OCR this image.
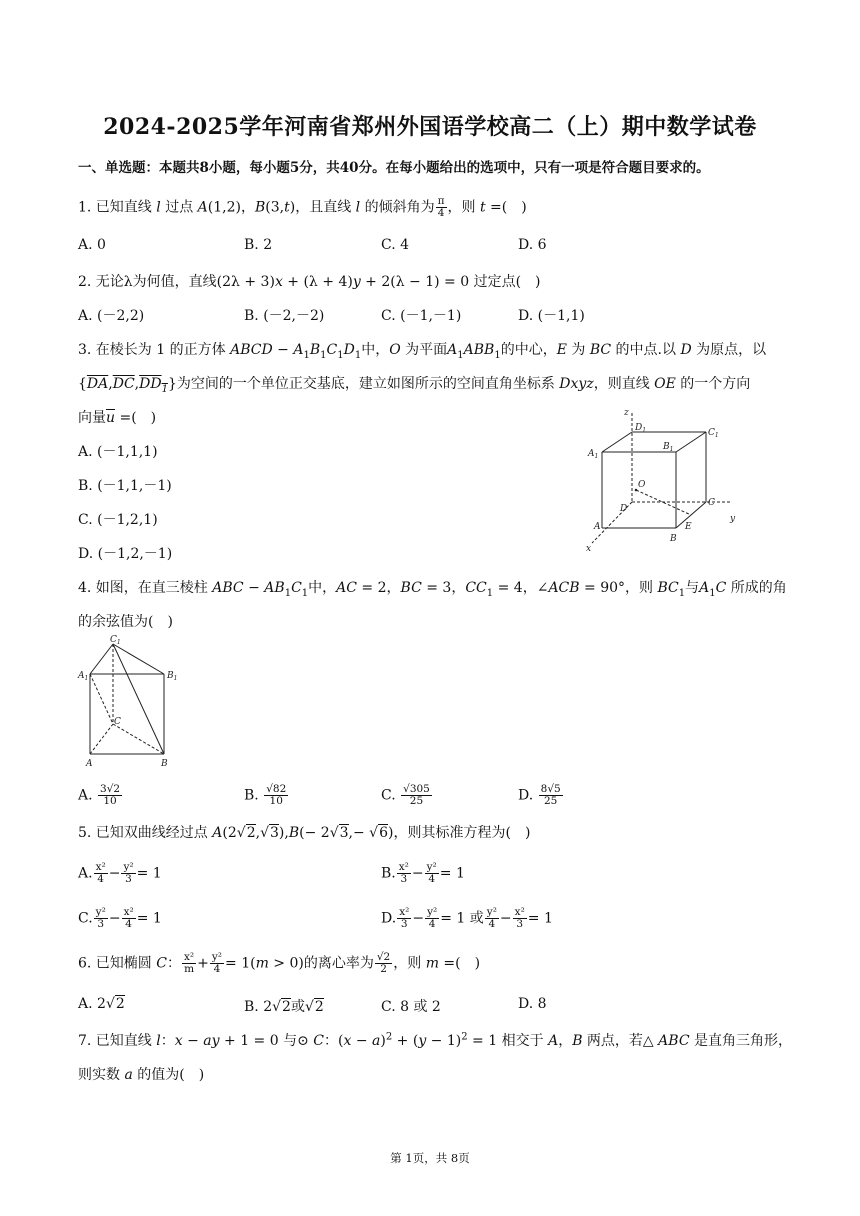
2024-2025学年河南省郑州外国语学校高二（上）期中数学试卷
一、单选题：本题共8小题，每小题5分，共40分。在每小题给出的选项中，只有一项是符合题目要求的。
1. 已知直线 l 过点 A(1,2)，B(3,t)，且直线 l 的倾斜角为 $\frac{\pi}{4}$ ，则 t =(　)
A. 0	B. 2	C. 4	D. 6
2. 无论λ为何值，直线(2λ + 3)x + (λ + 4)y + 2(λ − 1) = 0 过定点(　)
A. (－2,2)	B. (－2,－2)	C. (－1,－1)	D. (－1,1)
3. 在棱长为 1 的正方体 ABCD − $A_1B_1C_1D_1$中，O 为平面$A_1ABB_1$的中心，E 为 BC 的中点.以 D 为原点，以
$\{\overline{DA},\overline{DC},DD_1\}$为空间的一个单位正交基底，建立如图所示的空间直角坐标系 Dxyz，则直线 OE 的一个方向
向量$\overline{u}$ =(　)
A. (－1,1,1)
B. (－1,1,－1)
C. (－1,2,1)
D. (－1,2,－1)
z
$D_1$	$C_1$
$A_1$
$B_1$
O
D
C
y
A	E
B
x
4. 如图，在直三棱柱 ABC − $AB_1C_1$中，AC = 2，BC = 3，$CC_1 = 4$，∠ACB = 90°，则 $BC_1$与$A_1C$ 所成的角
的余弦值为(　)
$C_1$
$A_1$	$B_1$
C
A	B
A. $\frac{3√2}{10}$	B. $\frac{√82}{10}$	C. $\frac{√305}{25}$	D. $\frac{8√5}{25}$
5. 已知双曲线经过点 A(2√2,√3),B(− 2√3,− √6)，则其标准方程为(　)
A. $\frac{\text{x²}}{4} - \frac{\text{y²}}{3} = 1$	B. $\frac{\text{x²}}{3} - \frac{\text{y²}}{4} = 1$
C. $\frac{\text{y²}}{3} - \frac{\text{x²}}{4} = 1$	D. $\frac{\text{x²}}{3} - \frac{\text{y²}}{4} = 1$ 或 $\frac{\text{y²}}{4} - \frac{\text{x²}}{3} = 1$
6. 已知椭圆 C： $\frac{\text{x²}}{m} + \frac{\text{y²}}{4} = 1(m > 0)$的离心率为 $\frac{√2}{2}$ ，则 m =(　)
A. 2√2	B. 2√2或√2	C. 8 或 2	D. 8
7. 已知直线 l：x − ay + 1 = 0 与⊙ C：$(x - a)^2 + (y - 1)^2 = 1$ 相交于 A，B 两点，若△ ABC 是直角三角形，
则实数 a 的值为(　)
第 1页，共 8页
